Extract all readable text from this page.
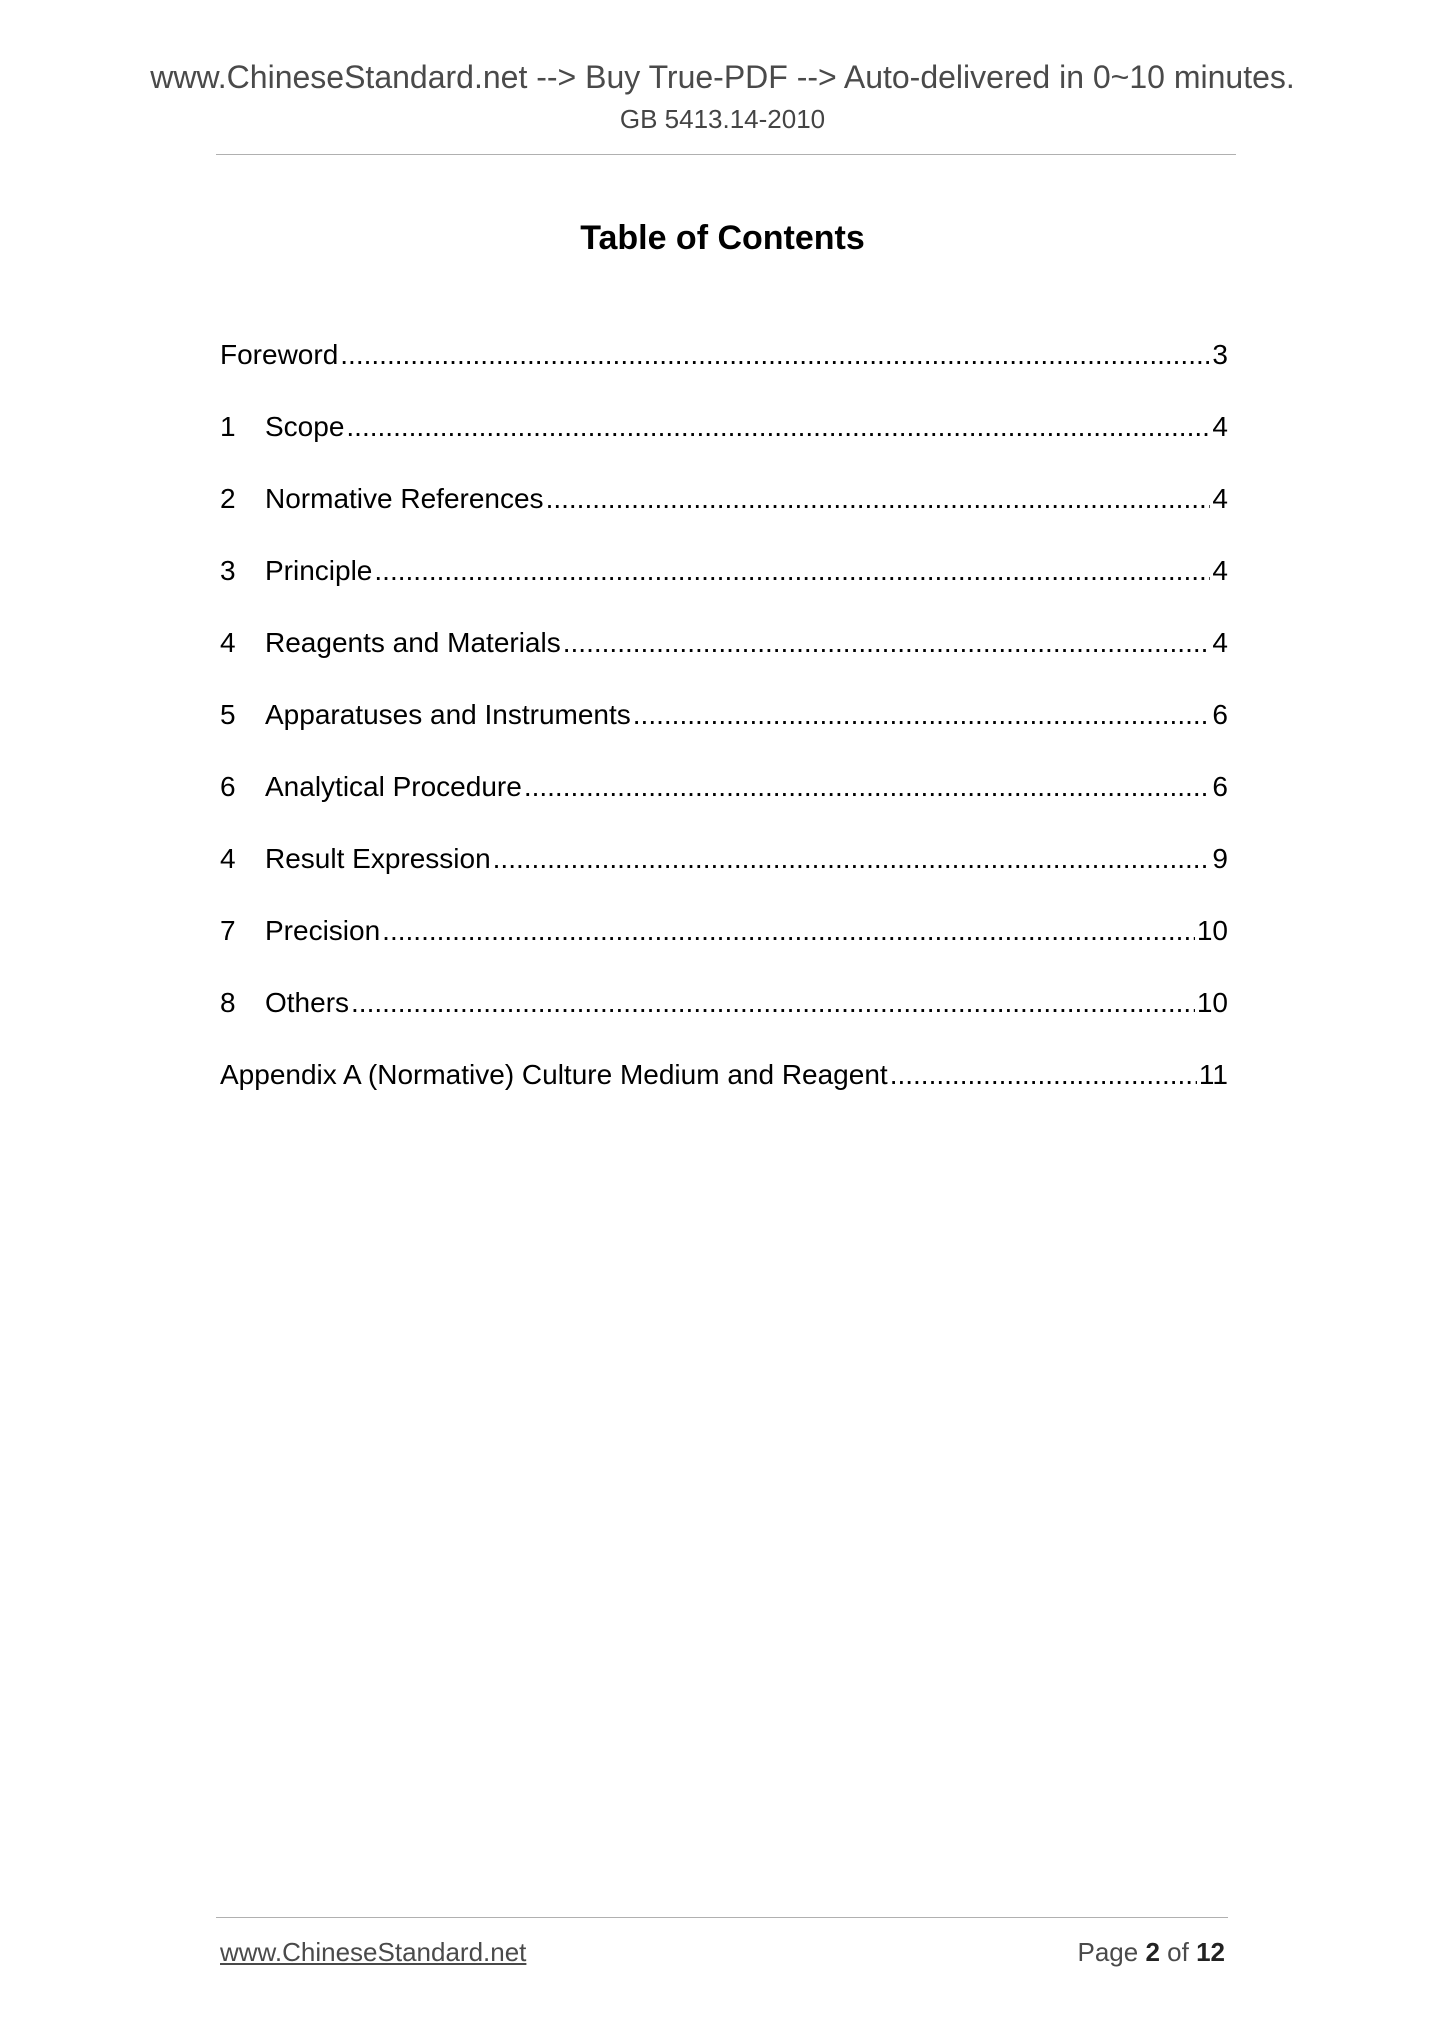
www.ChineseStandard.net --> Buy True-PDF --> Auto-delivered in 0~10 minutes.
GB 5413.14-2010
Table of Contents
Foreword .....	3
1	Scope .....	4
2	Normative References .....	4
3	Principle .....	4
4	Reagents and Materials .....	4
5	Apparatuses and Instruments .....	6
6	Analytical Procedure .....	6
4	Result Expression .....	9
7	Precision .....	10
8	Others .....	10
Appendix A (Normative) Culture Medium and Reagent .....	11
www.ChineseStandard.net	Page 2 of 12
